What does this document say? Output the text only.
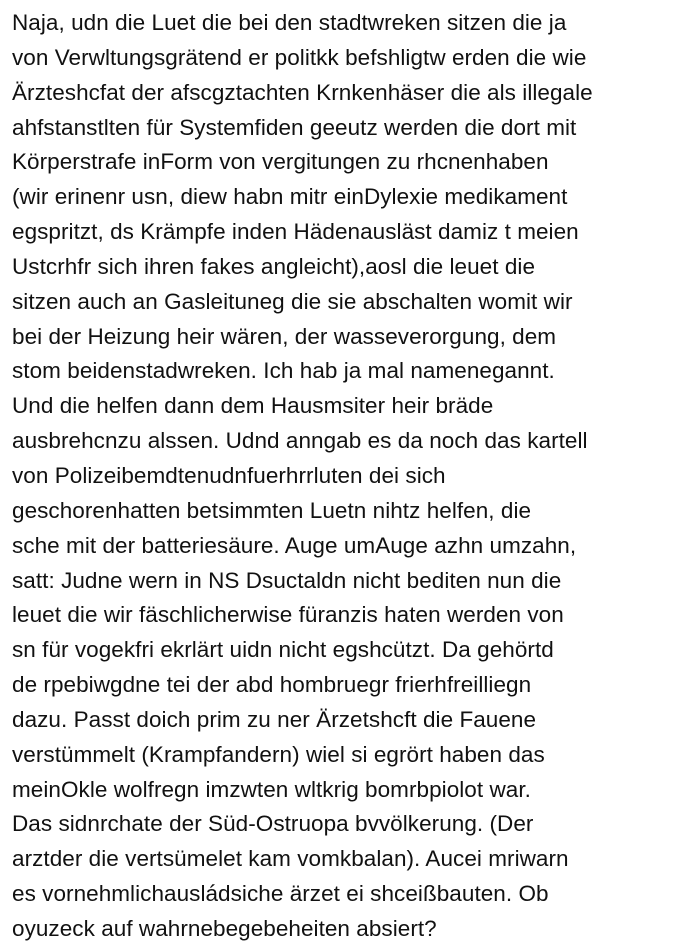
Naja, udn die Luet die bei den stadtwreken sitzen die ja
von Verwltungsgrätend er politkk befshligtw erden die wie
Ärzteshcfat der afscgztachten Krnkenhäser die als illegale
ahfstanstlten für Systemfiden geeutz werden die dort mit
Körperstrafe inForm von vergitungen zu rhcnenhaben
(wir erinenr usn, diew habn mitr einDylexie medikament
egspritzt, ds Krämpfe inden Hädenausläst damiz t meien
Ustcrhfr sich ihren fakes angleicht),aosl die leuet die
sitzen auch an Gasleituneg die sie abschalten womit wir
bei der Heizung heir wären, der wasseverorgung, dem
stom beidenstadwreken. Ich hab ja mal namenegannt.
Und die helfen dann dem Hausmsiter heir bräde
ausbrehcnzu alssen. Udnd anngab es da noch das kartell
von Polizeibemdtenudnfuerhrrluten dei sich
geschorenhatten betsimmten Luetn nihtz helfen, die
sche mit der batteriesäure. Auge umAuge azhn umzahn,
satt: Judne wern in NS Dsuctaldn nicht bediten nun die
leuet die wir fäschlicherwise füranzis haten werden von
sn für vogekfri ekrlärt uidn nicht egshcützt. Da gehörtd
de rpebiwgdne tei der abd hombruegr frierhfreilliegn
dazu. Passt doich prim zu ner Ärzetshcft die Fauene
verstümmelt (Krampfandern) wiel si egrört haben das
meinOkle wolfregn imzwten wltkrig bomrbpiolot war.
Das sidnrchate der Süd-Ostruopa bvvölkerung. (Der
arztder die vertsümelet kam vomkbalan). Aucei mriwarn
es vornehmlichausládsiche ärzet ei shceißbauten. Ob
oyuzeck auf wahrnebegebeheiten absiert?
